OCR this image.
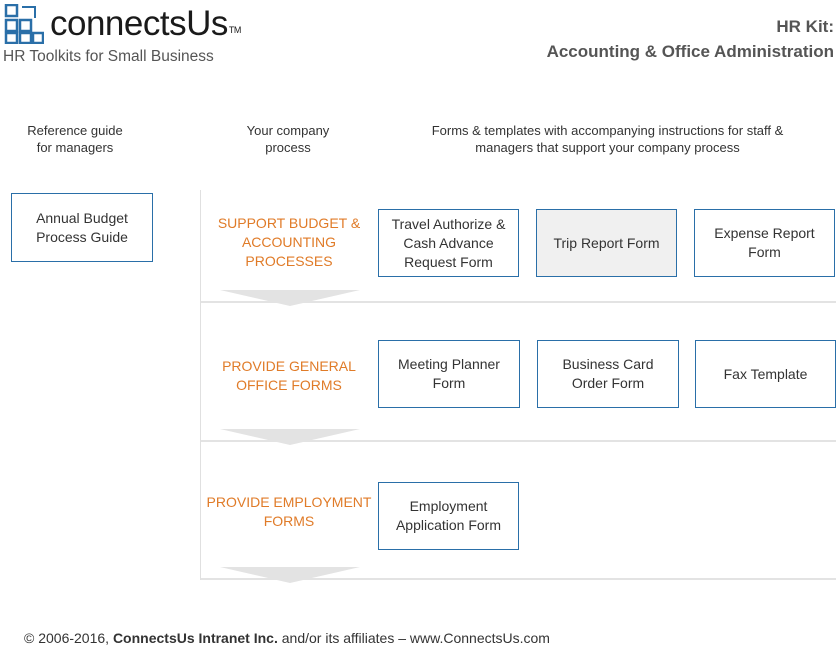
connectsUs™
HR Toolkits for Small Business
HR Kit:
Accounting & Office Administration
Reference guide for managers
Your company process
Forms & templates with accompanying instructions for staff & managers that support your company process
Annual Budget Process Guide
SUPPORT BUDGET & ACCOUNTING PROCESSES
Travel Authorize & Cash Advance Request Form
Trip Report Form
Expense Report Form
PROVIDE GENERAL OFFICE FORMS
Meeting Planner Form
Business Card Order Form
Fax Template
PROVIDE EMPLOYMENT FORMS
Employment Application Form
© 2006-2016, ConnectsUs Intranet Inc. and/or its affiliates – www.ConnectsUs.com
